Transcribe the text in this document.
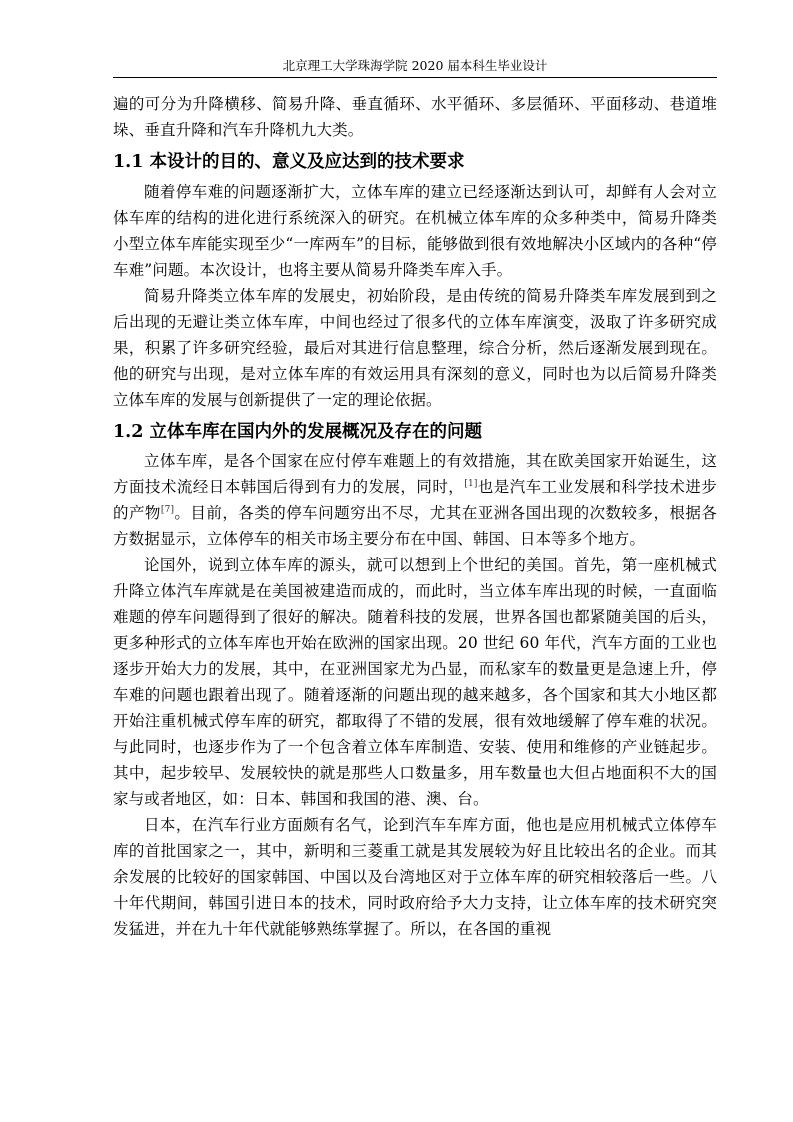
北京理工大学珠海学院 2020 届本科生毕业设计

遍的可分为升降横移、简易升降、垂直循环、水平循环、多层循环、平面移动、巷道堆垛、垂直升降和汽车升降机九大类。

1.1 本设计的目的、意义及应达到的技术要求

随着停车难的问题逐渐扩大，立体车库的建立已经逐渐达到认可，却鲜有人会对立体车库的结构的进化进行系统深入的研究。在机械立体车库的众多种类中，简易升降类小型立体车库能实现至少“一库两车”的目标，能够做到很有效地解决小区域内的各种“停车难”问题。本次设计，也将主要从简易升降类车库入手。

简易升降类立体车库的发展史，初始阶段，是由传统的简易升降类车库发展到到之后出现的无避让类立体车库，中间也经过了很多代的立体车库演变，汲取了许多研究成果，积累了许多研究经验，最后对其进行信息整理，综合分析，然后逐渐发展到现在。他的研究与出现，是对立体车库的有效运用具有深刻的意义，同时也为以后简易升降类立体车库的发展与创新提供了一定的理论依据。

1.2 立体车库在国内外的发展概况及存在的问题

立体车库，是各个国家在应付停车难题上的有效措施，其在欧美国家开始诞生，这方面技术流经日本韩国后得到有力的发展，同时，[1]也是汽车工业发展和科学技术进步的产物[7]。目前，各类的停车问题穷出不尽，尤其在亚洲各国出现的次数较多，根据各方数据显示，立体停车的相关市场主要分布在中国、韩国、日本等多个地方。

论国外，说到立体车库的源头，就可以想到上个世纪的美国。首先，第一座机械式升降立体汽车库就是在美国被建造而成的，而此时，当立体车库出现的时候，一直面临难题的停车问题得到了很好的解决。随着科技的发展，世界各国也都紧随美国的后头，更多种形式的立体车库也开始在欧洲的国家出现。20 世纪 60 年代，汽车方面的工业也逐步开始大力的发展，其中，在亚洲国家尤为凸显，而私家车的数量更是急速上升，停车难的问题也跟着出现了。随着逐渐的问题出现的越来越多，各个国家和其大小地区都开始注重机械式停车库的研究，都取得了不错的发展，很有效地缓解了停车难的状况。与此同时，也逐步作为了一个包含着立体车库制造、安装、使用和维修的产业链起步。其中，起步较早、发展较快的就是那些人口数量多，用车数量也大但占地面积不大的国家与或者地区，如：日本、韩国和我国的港、澳、台。

日本，在汽车行业方面颇有名气，论到汽车车库方面，他也是应用机械式立体停车库的首批国家之一，其中，新明和三菱重工就是其发展较为好且比较出名的企业。而其余发展的比较好的国家韩国、中国以及台湾地区对于立体车库的研究相较落后一些。八十年代期间，韩国引进日本的技术，同时政府给予大力支持，让立体车库的技术研究突发猛进，并在九十年代就能够熟练掌握了。所以，在各国的重视
